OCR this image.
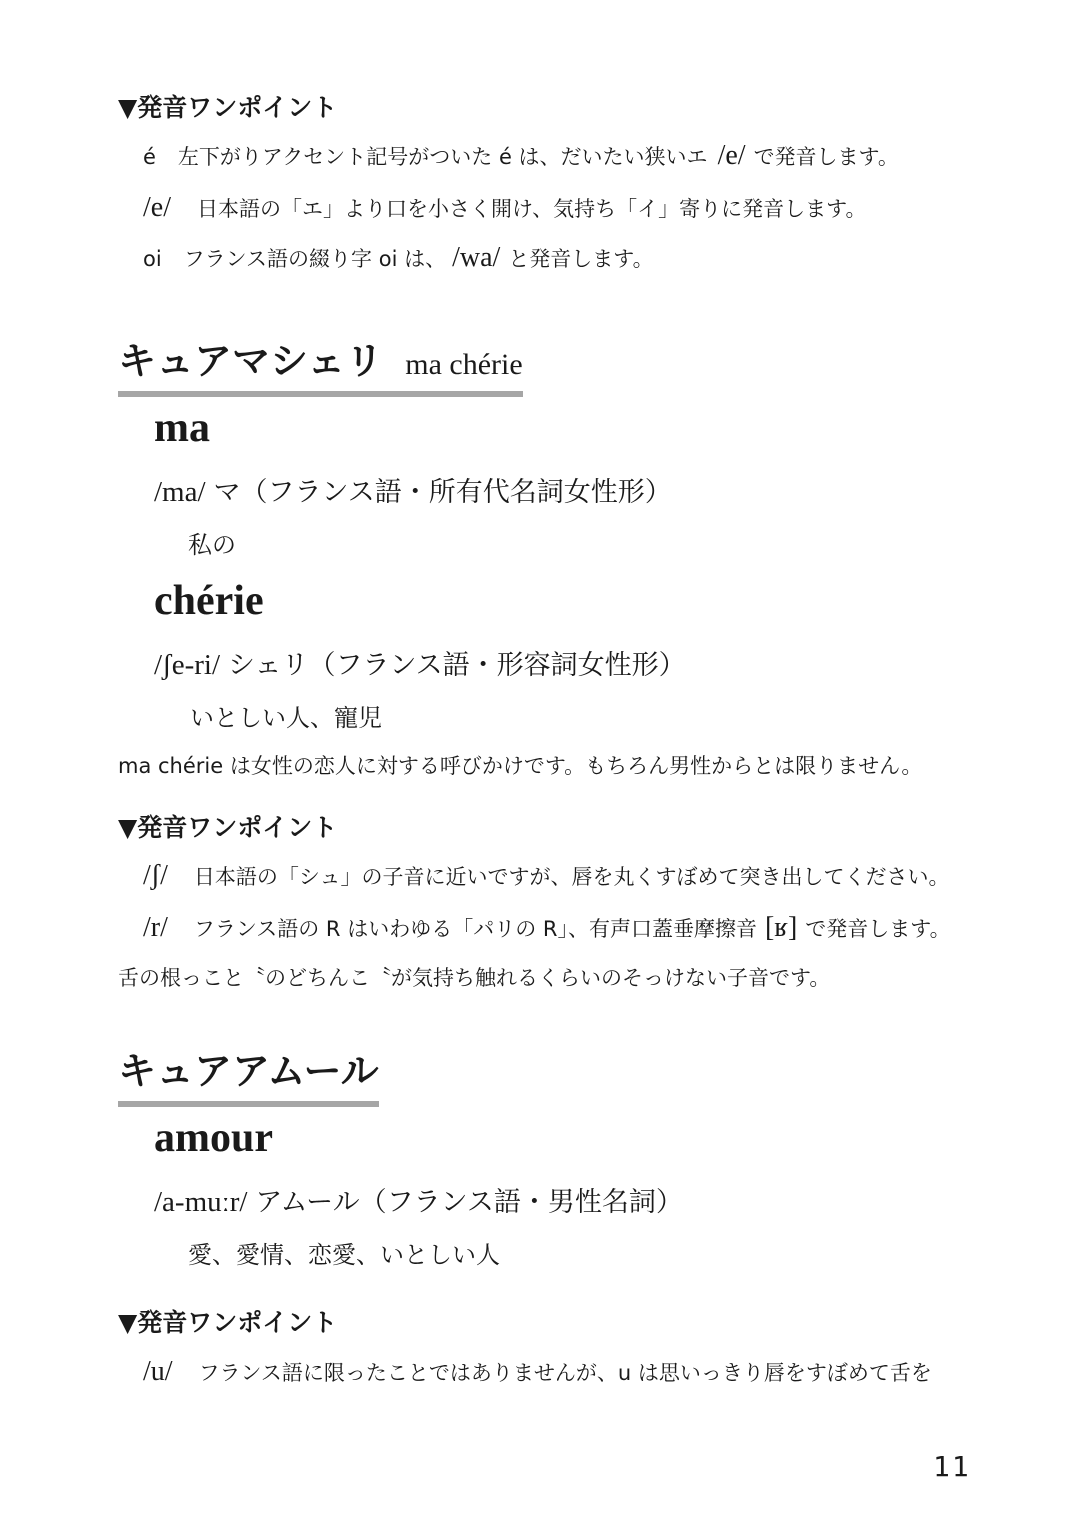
▼発音ワンポイント
é 左下がりアクセント記号がついた é は、だいたい狭いエ /e/ で発音します。
/e/ 日本語の「エ」より口を小さく開け、気持ち「イ」寄りに発音します。
oi フランス語の綴り字 oi は、 /wa/ と発音します。
キュアマシェリ ma chérie
ma
/ma/ マ（フランス語・所有代名詞女性形）
私の
chérie
/ʃe-ri/ シェリ（フランス語・形容詞女性形）
いとしい人、寵児
ma chérie は女性の恋人に対する呼びかけです。もちろん男性からとは限りません。
▼発音ワンポイント
/ʃ/ 日本語の「シュ」の子音に近いですが、唇を丸くすぼめて突き出してください。
/r/ フランス語の R はいわゆる「パリの R」、有声口蓋垂摩擦音 [ʁ] で発音します。
舌の根っこと〝のどちんこ〝が気持ち触れるくらいのそっけない子音です。
キュアアムール
amour
/a-muːr/ アムール（フランス語・男性名詞）
愛、愛情、恋愛、いとしい人
▼発音ワンポイント
/u/ フランス語に限ったことではありませんが、u は思いっきり唇をすぼめて舌を
11
